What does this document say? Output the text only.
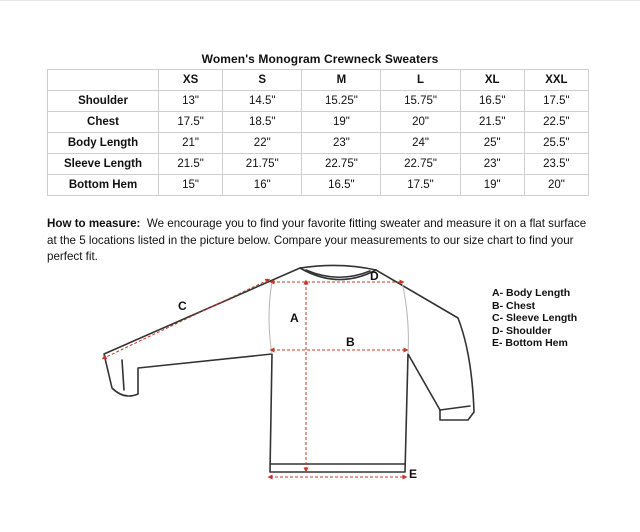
Women's Monogram Crewneck Sweaters
	XS	S	M	L	XL	XXL
Shoulder	13"	14.5"	15.25"	15.75"	16.5"	17.5"
Chest	17.5"	18.5"	19"	20"	21.5"	22.5"
Body Length	21"	22"	23"	24"	25"	25.5"
Sleeve Length	21.5"	21.75"	22.75"	22.75"	23"	23.5"
Bottom Hem	15"	16"	16.5"	17.5"	19"	20"
How to measure: We encourage you to find your favorite fitting sweater and measure it on a flat surface at the 5 locations listed in the picture below. Compare your measurements to our size chart to find your perfect fit.
C
A
B
D
E
A- Body Length
B- Chest
C- Sleeve Length
D- Shoulder
E- Bottom Hem
